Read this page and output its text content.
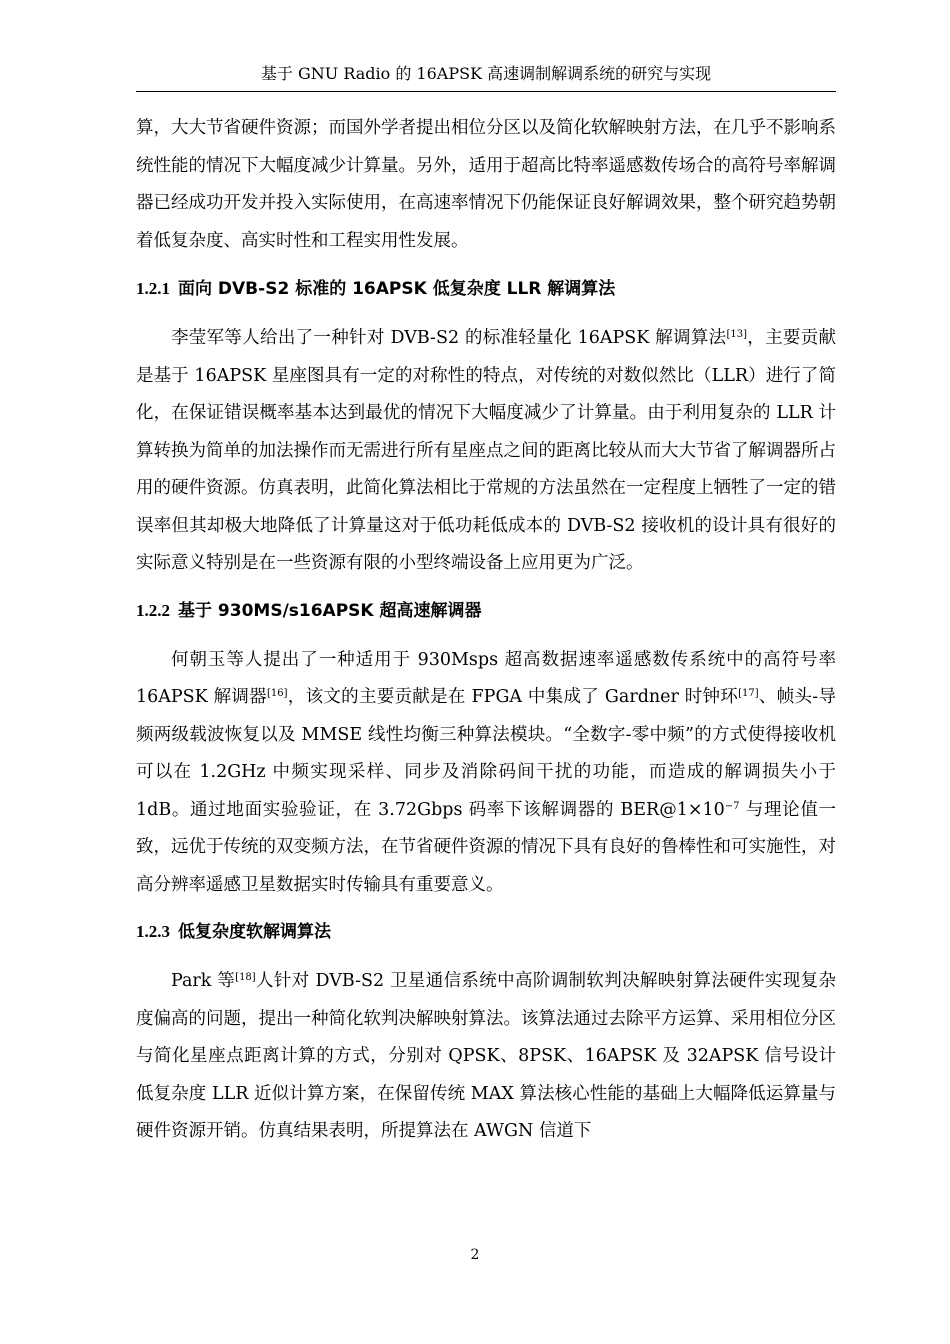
基于 GNU Radio 的 16APSK 高速调制解调系统的研究与实现

算，大大节省硬件资源；而国外学者提出相位分区以及简化软解映射方法，在几乎不影响系统性能的情况下大幅度减少计算量。另外，适用于超高比特率遥感数传场合的高符号率解调器已经成功开发并投入实际使用，在高速率情况下仍能保证良好解调效果，整个研究趋势朝着低复杂度、高实时性和工程实用性发展。

1.2.1 面向 DVB-S2 标准的 16APSK 低复杂度 LLR 解调算法

李莹军等人给出了一种针对 DVB-S2 的标准轻量化 16APSK 解调算法[13]，主要贡献是基于 16APSK 星座图具有一定的对称性的特点，对传统的对数似然比（LLR）进行了简化，在保证错误概率基本达到最优的情况下大幅度减少了计算量。由于利用复杂的 LLR 计算转换为简单的加法操作而无需进行所有星座点之间的距离比较从而大大节省了解调器所占用的硬件资源。仿真表明，此简化算法相比于常规的方法虽然在一定程度上牺牲了一定的错误率但其却极大地降低了计算量这对于低功耗低成本的 DVB-S2 接收机的设计具有很好的实际意义特别是在一些资源有限的小型终端设备上应用更为广泛。

1.2.2 基于 930MS/s16APSK 超高速解调器

何朝玉等人提出了一种适用于 930Msps 超高数据速率遥感数传系统中的高符号率 16APSK 解调器[16]，该文的主要贡献是在 FPGA 中集成了 Gardner 时钟环[17]、帧头-导频两级载波恢复以及 MMSE 线性均衡三种算法模块。“全数字-零中频”的方式使得接收机可以在 1.2GHz 中频实现采样、同步及消除码间干扰的功能，而造成的解调损失小于 1dB。通过地面实验验证，在 3.72Gbps 码率下该解调器的 $BER@1\times 10^{-7}$ 与理论值一致，远优于传统的双变频方法，在节省硬件资源的情况下具有良好的鲁棒性和可实施性，对高分辨率遥感卫星数据实时传输具有重要意义。

1.2.3 低复杂度软解调算法

Park 等[18]人针对 DVB-S2 卫星通信系统中高阶调制软判决解映射算法硬件实现复杂度偏高的问题，提出一种简化软判决解映射算法。该算法通过去除平方运算、采用相位分区与简化星座点距离计算的方式，分别对 QPSK、8PSK、16APSK 及 32APSK 信号设计低复杂度 LLR 近似计算方案，在保留传统 MAX 算法核心性能的基础上大幅降低运算量与硬件资源开销。仿真结果表明，所提算法在 AWGN 信道下

2
